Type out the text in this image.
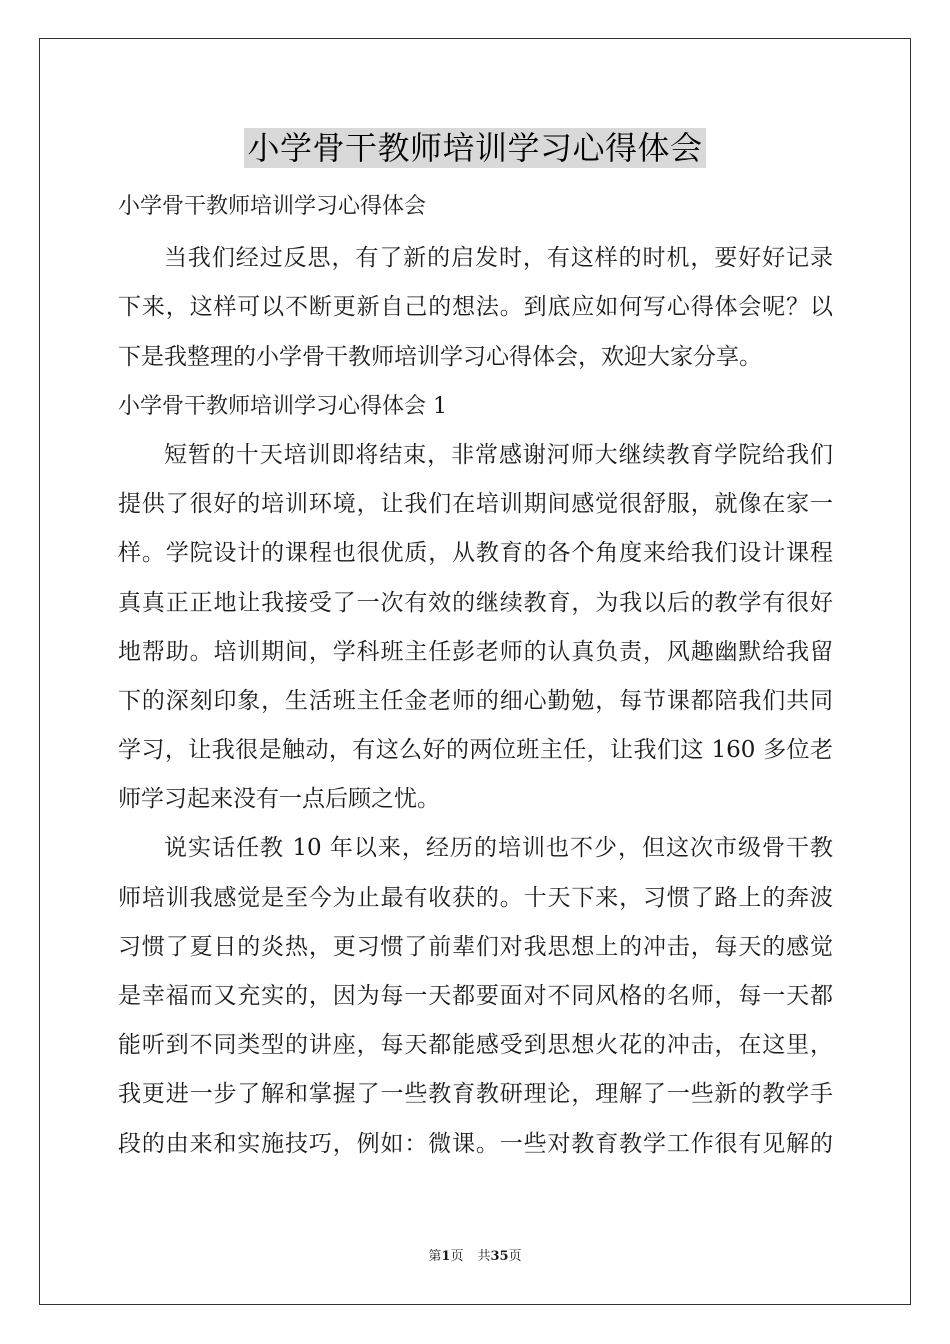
小学骨干教师培训学习心得体会
小学骨干教师培训学习心得体会
当我们经过反思，有了新的启发时，有这样的时机，要好好记录
下来，这样可以不断更新自己的想法。到底应如何写心得体会呢？以
下是我整理的小学骨干教师培训学习心得体会，欢迎大家分享。
小学骨干教师培训学习心得体会 1
短暂的十天培训即将结束，非常感谢河师大继续教育学院给我们
提供了很好的培训环境，让我们在培训期间感觉很舒服，就像在家一
样。学院设计的课程也很优质，从教育的各个角度来给我们设计课程
真真正正地让我接受了一次有效的继续教育，为我以后的教学有很好
地帮助。培训期间，学科班主任彭老师的认真负责，风趣幽默给我留
下的深刻印象，生活班主任金老师的细心勤勉，每节课都陪我们共同
学习，让我很是触动，有这么好的两位班主任，让我们这 160 多位老
师学习起来没有一点后顾之忧。
说实话任教 10 年以来，经历的培训也不少，但这次市级骨干教
师培训我感觉是至今为止最有收获的。十天下来，习惯了路上的奔波
习惯了夏日的炎热，更习惯了前辈们对我思想上的冲击，每天的感觉
是幸福而又充实的，因为每一天都要面对不同风格的名师，每一天都
能听到不同类型的讲座，每天都能感受到思想火花的冲击，在这里，
我更进一步了解和掌握了一些教育教研理论，理解了一些新的教学手
段的由来和实施技巧，例如：微课。一些对教育教学工作很有见解的
第1页 共35页
